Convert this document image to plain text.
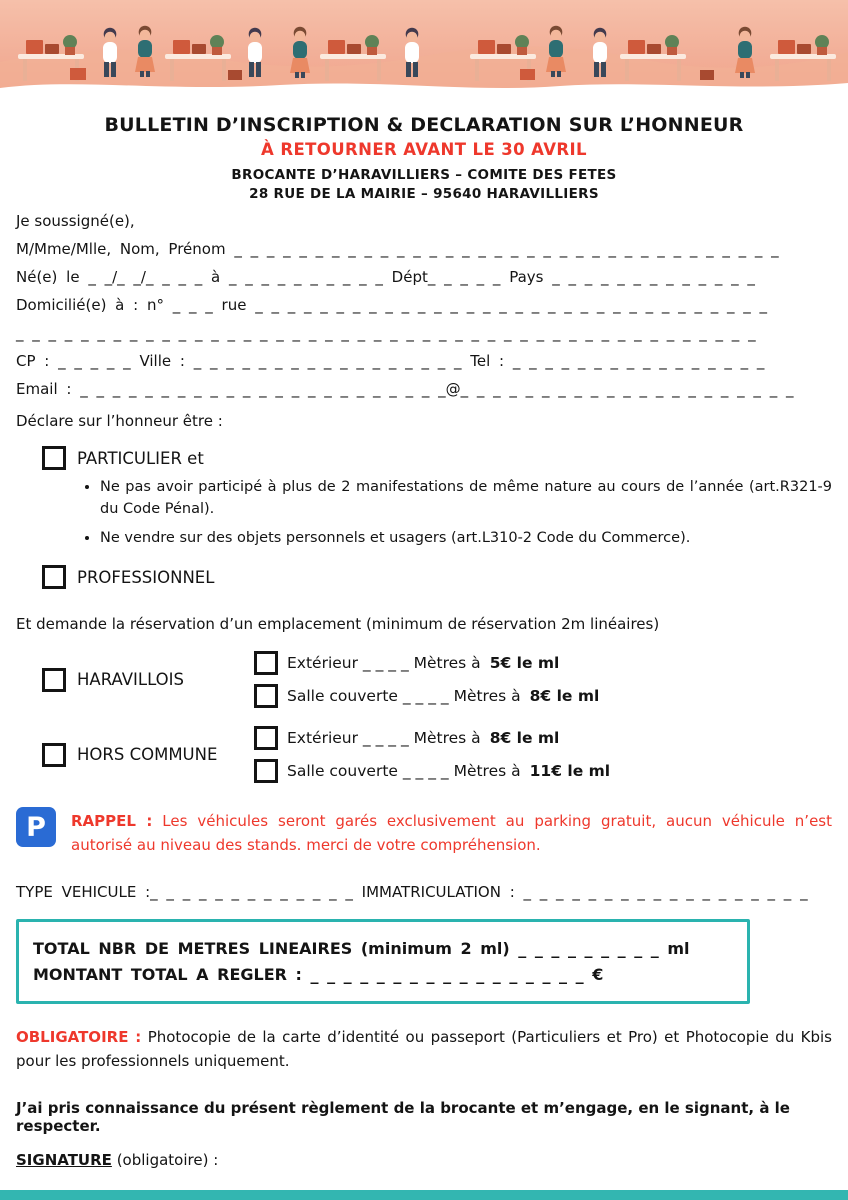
BULLETIN D’INSCRIPTION & DECLARATION SUR L’HONNEUR
À RETOURNER AVANT LE 30 AVRIL
BROCANTE D’HARAVILLIERS – COMITE DES FETES
28 RUE DE LA MAIRIE – 95640 HARAVILLIERS

Je soussigné(e),

M/Mme/Mlle, Nom, Prénom _ _ _ _ _ _ _ _ _ _ _ _ _ _ _ _ _ _ _ _ _ _ _ _ _ _ _ _ _ _ _ _ _ _

Né(e) le _ _/_ _/_ _ _ _ à _ _ _ _ _ _ _ _ _ _ Dépt_ _ _ _ _ Pays _ _ _ _ _ _ _ _ _ _ _ _ _

Domicilié(e) à : n° _ _ _ rue _ _ _ _ _ _ _ _ _ _ _ _ _ _ _ _ _ _ _ _ _ _ _ _ _ _ _ _ _ _ _ _

_ _ _ _ _ _ _ _ _ _ _ _ _ _ _ _ _ _ _ _ _ _ _ _ _ _ _ _ _ _ _ _ _ _ _ _ _ _ _ _ _ _ _ _ _ _

CP : _ _ _ _ _ Ville : _ _ _ _ _ _ _ _ _ _ _ _ _ _ _ _ _ Tel : _ _ _ _ _ _ _ _ _ _ _ _ _ _ _ _

Email : _ _ _ _ _ _ _ _ _ _ _ _ _ _ _ _ _ _ _ _ _ _ _@_ _ _ _ _ _ _ _ _ _ _ _ _ _ _ _ _ _ _ _ _

Déclare sur l’honneur être :

PARTICULIER et
• Ne pas avoir participé à plus de 2 manifestations de même nature au cours de l’année (art.R321-9 du Code Pénal).
• Ne vendre sur des objets personnels et usagers (art.L310-2 Code du Commerce).
PROFESSIONNEL

Et demande la réservation d’un emplacement (minimum de réservation 2m linéaires)

HARAVILLOIS
Extérieur _ _ _ _ Mètres à 5€ le ml
Salle couverte _ _ _ _ Mètres à 8€ le ml
HORS COMMUNE
Extérieur _ _ _ _ Mètres à 8€ le ml
Salle couverte _ _ _ _ Mètres à 11€ le ml
P RAPPEL : Les véhicules seront garés exclusivement au parking gratuit, aucun véhicule n’est autorisé au niveau des stands. merci de votre compréhension.

TYPE VEHICULE :_ _ _ _ _ _ _ _ _ _ _ _ _ IMMATRICULATION : _ _ _ _ _ _ _ _ _ _ _ _ _ _ _ _ _ _

TOTAL NBR DE METRES LINEAIRES (minimum 2 ml) _ _ _ _ _ _ _ _ _ ml

MONTANT TOTAL A REGLER : _ _ _ _ _ _ _ _ _ _ _ _ _ _ _ _ _ €

OBLIGATOIRE : Photocopie de la carte d’identité ou passeport (Particuliers et Pro) et Photocopie du Kbis pour les professionnels uniquement.

J’ai pris connaissance du présent règlement de la brocante et m’engage, en le signant, à le respecter.

SIGNATURE (obligatoire) :
